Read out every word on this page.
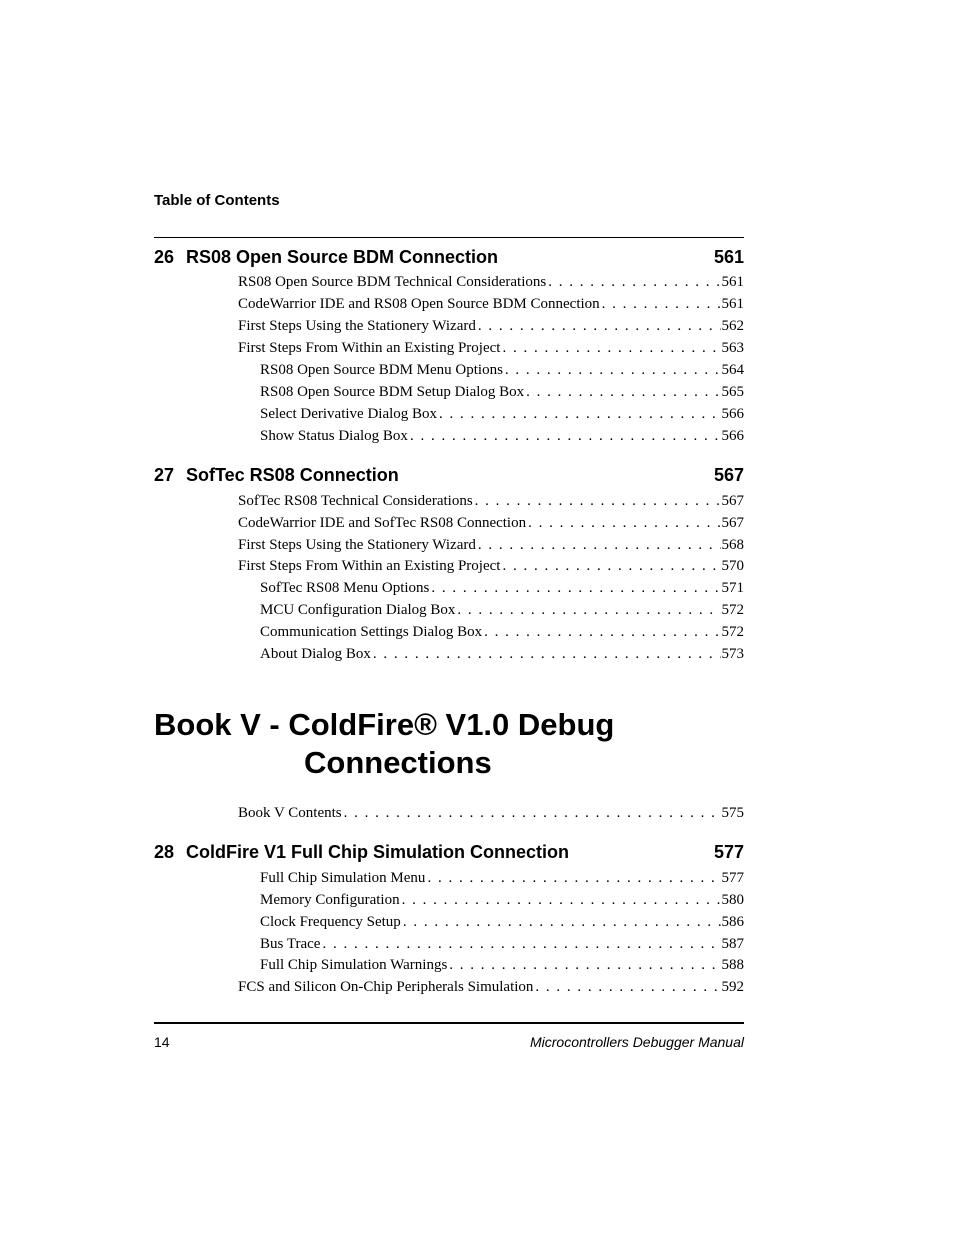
Table of Contents
26 RS08 Open Source BDM Connection	561
RS08 Open Source BDM Technical Considerations . . .	561
CodeWarrior IDE and RS08 Open Source BDM Connection . . .	561
First Steps Using the Stationery Wizard . . .	562
First Steps From Within an Existing Project . . .	563
RS08 Open Source BDM Menu Options . . .	564
RS08 Open Source BDM Setup Dialog Box . . .	565
Select Derivative Dialog Box . . .	566
Show Status Dialog Box . . .	566
27 SofTec RS08 Connection	567
SofTec RS08 Technical Considerations . . .	567
CodeWarrior IDE and SofTec RS08 Connection . . .	567
First Steps Using the Stationery Wizard . . .	568
First Steps From Within an Existing Project . . .	570
SofTec RS08 Menu Options . . .	571
MCU Configuration Dialog Box . . .	572
Communication Settings Dialog Box . . .	572
About Dialog Box . . .	573
Book V - ColdFire® V1.0 Debug
Connections
Book V Contents . . .	575
28 ColdFire V1 Full Chip Simulation Connection	577
Full Chip Simulation Menu . . .	577
Memory Configuration . . .	580
Clock Frequency Setup . . .	586
Bus Trace . . .	587
Full Chip Simulation Warnings . . .	588
FCS and Silicon On-Chip Peripherals Simulation . . .	592
14	Microcontrollers Debugger Manual
